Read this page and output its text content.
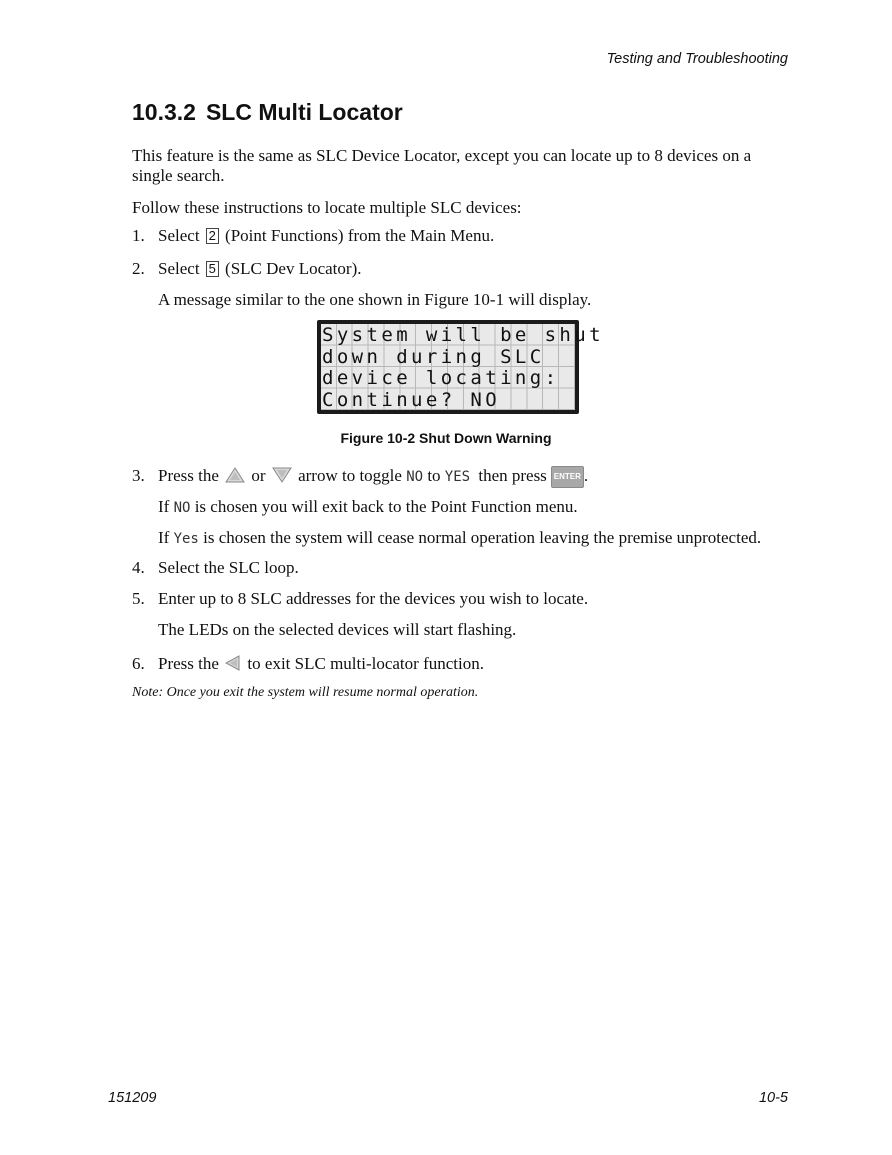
Testing and Troubleshooting
10.3.2 SLC Multi Locator
This feature is the same as SLC Device Locator, except you can locate up to 8 devices on a single search.
Follow these instructions to locate multiple SLC devices:
1. Select 2 (Point Functions) from the Main Menu.
2. Select 5 (SLC Dev Locator).
A message similar to the one shown in Figure 10-1 will display.
System will be shut
down during SLC
device locating:
Continue? NO
Figure 10-2 Shut Down Warning
3. Press the or arrow to toggle NO to YES then press ENTER .
If NO is chosen you will exit back to the Point Function menu.
If Yes is chosen the system will cease normal operation leaving the premise unprotected.
4. Select the SLC loop.
5. Enter up to 8 SLC addresses for the devices you wish to locate.
The LEDs on the selected devices will start flashing.
6. Press the to exit SLC multi-locator function.
Note: Once you exit the system will resume normal operation.
151209	10-5
